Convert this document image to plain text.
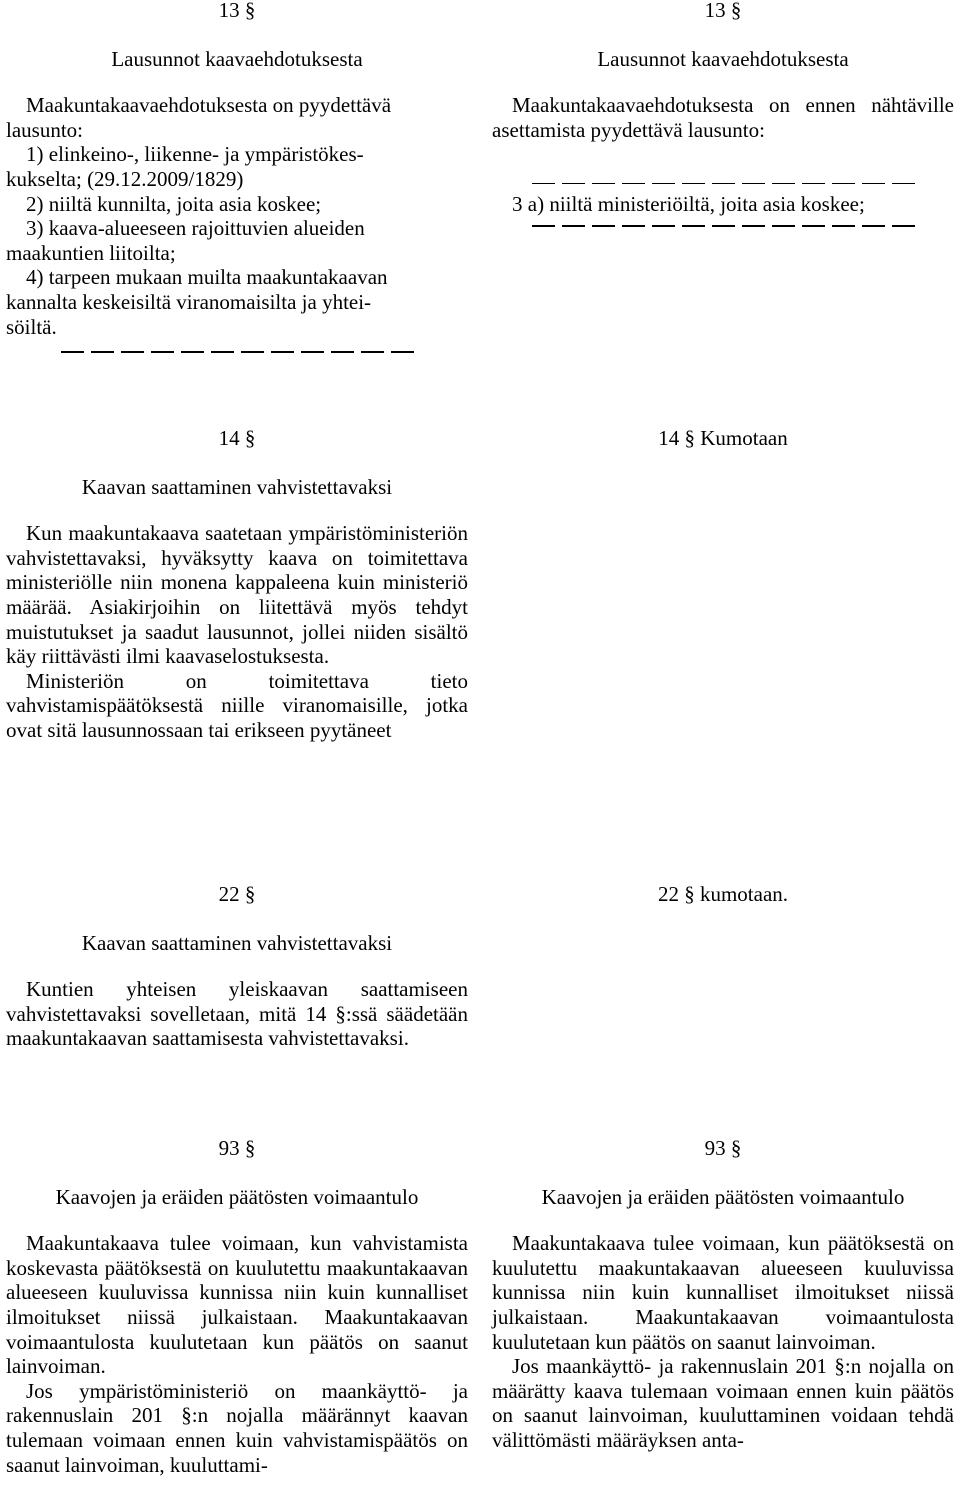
13 §

Lausunnot kaavaehdotuksesta

Maakuntakaavaehdotuksesta on pyydettävä

lausunto:

1) elinkeino-, liikenne- ja ympäristökes-

kukselta; (29.12.2009/1829)

2) niiltä kunnilta, joita asia koskee;

3) kaava-alueeseen rajoittuvien alueiden

maakuntien liitoilta;

4) tarpeen mukaan muilta maakuntakaavan

kannalta keskeisiltä viranomaisilta ja yhtei-

söiltä.

14 §

Kaavan saattaminen vahvistettavaksi

Kun maakuntakaava saatetaan ympäristöministeriön vahvistettavaksi, hyväksytty kaava on toimitettava ministeriölle niin monena kappaleena kuin ministeriö määrää. Asiakirjoihin on liitettävä myös tehdyt muistutukset ja saadut lausunnot, jollei niiden sisältö käy riittävästi ilmi kaavaselostuksesta.

Ministeriön on toimitettava tieto vahvistamispäätöksestä niille viranomaisille, jotka ovat sitä lausunnossaan tai erikseen pyytäneet

22 §

Kaavan saattaminen vahvistettavaksi

Kuntien yhteisen yleiskaavan saattamiseen vahvistettavaksi sovelletaan, mitä 14 §:ssä säädetään maakuntakaavan saattamisesta vahvistettavaksi.

93 §

Kaavojen ja eräiden päätösten voimaantulo

Maakuntakaava tulee voimaan, kun vahvistamista koskevasta päätöksestä on kuulutettu maakuntakaavan alueeseen kuuluvissa kunnissa niin kuin kunnalliset ilmoitukset niissä julkaistaan. Maakuntakaavan voimaantulosta kuulutetaan kun päätös on saanut lainvoiman.

Jos ympäristöministeriö on maankäyttö- ja rakennuslain 201 §:n nojalla määrännyt kaavan tulemaan voimaan ennen kuin vahvistamispäätös on saanut lainvoiman, kuuluttami-

13 §

Lausunnot kaavaehdotuksesta

Maakuntakaavaehdotuksesta on ennen nähtäville asettamista pyydettävä lausunto:

3 a) niiltä ministeriöiltä, joita asia koskee;

14 § Kumotaan

22 § kumotaan.

93 §

Kaavojen ja eräiden päätösten voimaantulo

Maakuntakaava tulee voimaan, kun päätöksestä on kuulutettu maakuntakaavan alueeseen kuuluvissa kunnissa niin kuin kunnalliset ilmoitukset niissä julkaistaan. Maakuntakaavan voimaantulosta kuulutetaan kun päätös on saanut lainvoiman.

Jos maankäyttö- ja rakennuslain 201 §:n nojalla on määrätty kaava tulemaan voimaan ennen kuin päätös on saanut lainvoiman, kuuluttaminen voidaan tehdä välittömästi määräyksen anta-
